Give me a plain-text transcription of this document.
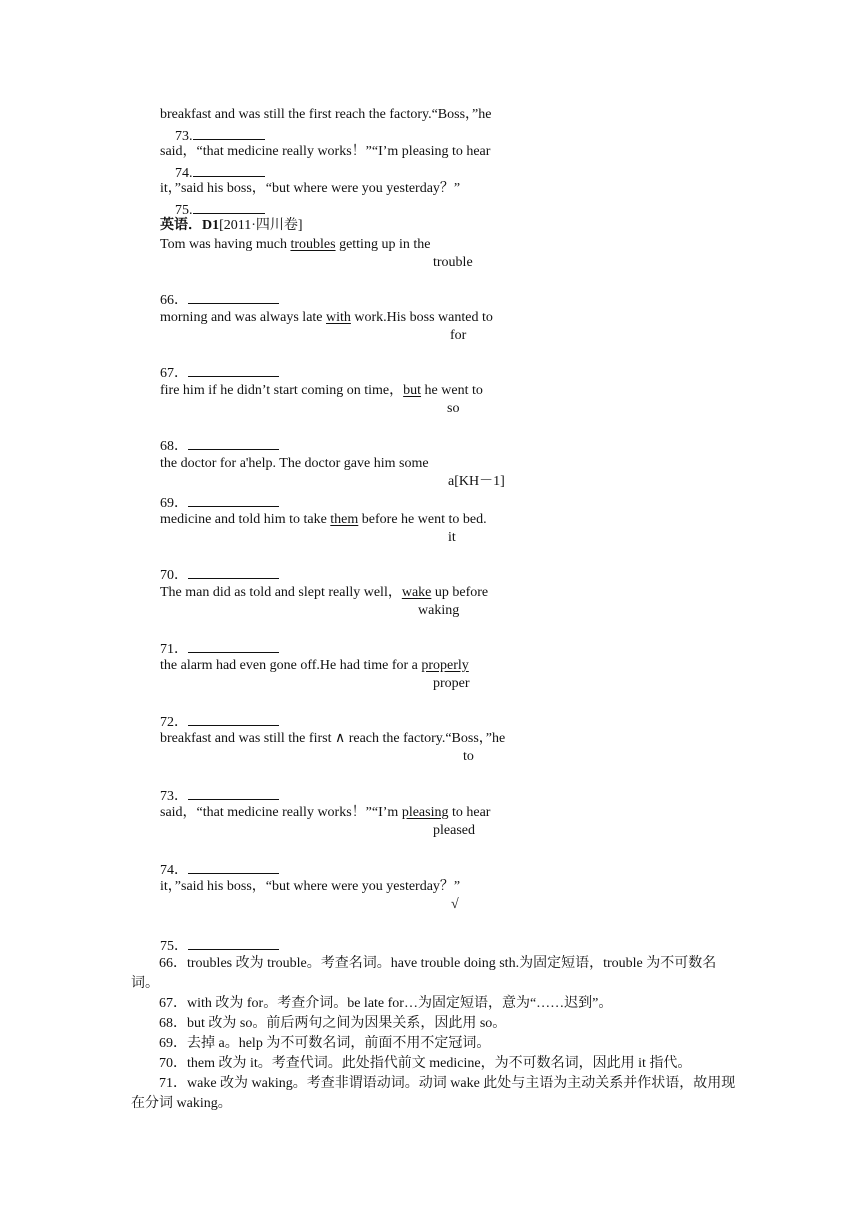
breakfast and was still the first reach the factory.“Boss，”he
73.
said，“that medicine really works！”“I’m pleasing to hear
74.
it，”said his boss，“but where were you yesterday？”
75.
英语．D1[2011·四川卷]
Tom was having much troubles getting up in the
trouble
66．
morning and was always late with work.His boss wanted to
for
67．
fire him if he didn’t start coming on time，but he went to
so
68．
the doctor for a'help. The doctor gave him some
a[KH－1]
69．
medicine and told him to take them before he went to bed.
it
70．
The man did as told and slept really well，wake up before
waking
71．
the alarm had even gone off.He had time for a properly
proper
72．
breakfast and was still the first ∧ reach the factory.“Boss，”he
to
73．
said，“that medicine really works！”“I’m pleasing to hear
pleased
74．
it，”said his boss，“but where were you yesterday？”
√
75．
66．troubles 改为 trouble。考查名词。have trouble doing sth.为固定短语，trouble 为不可数名词。
67．with 改为 for。考查介词。be late for…为固定短语，意为“……迟到”。
68．but 改为 so。前后两句之间为因果关系，因此用 so。
69．去掉 a。help 为不可数名词，前面不用不定冠词。
70．them 改为 it。考查代词。此处指代前文 medicine，为不可数名词，因此用 it 指代。
71．wake 改为 waking。考查非谓语动词。动词 wake 此处与主语为主动关系并作状语，故用现在分词 waking。
